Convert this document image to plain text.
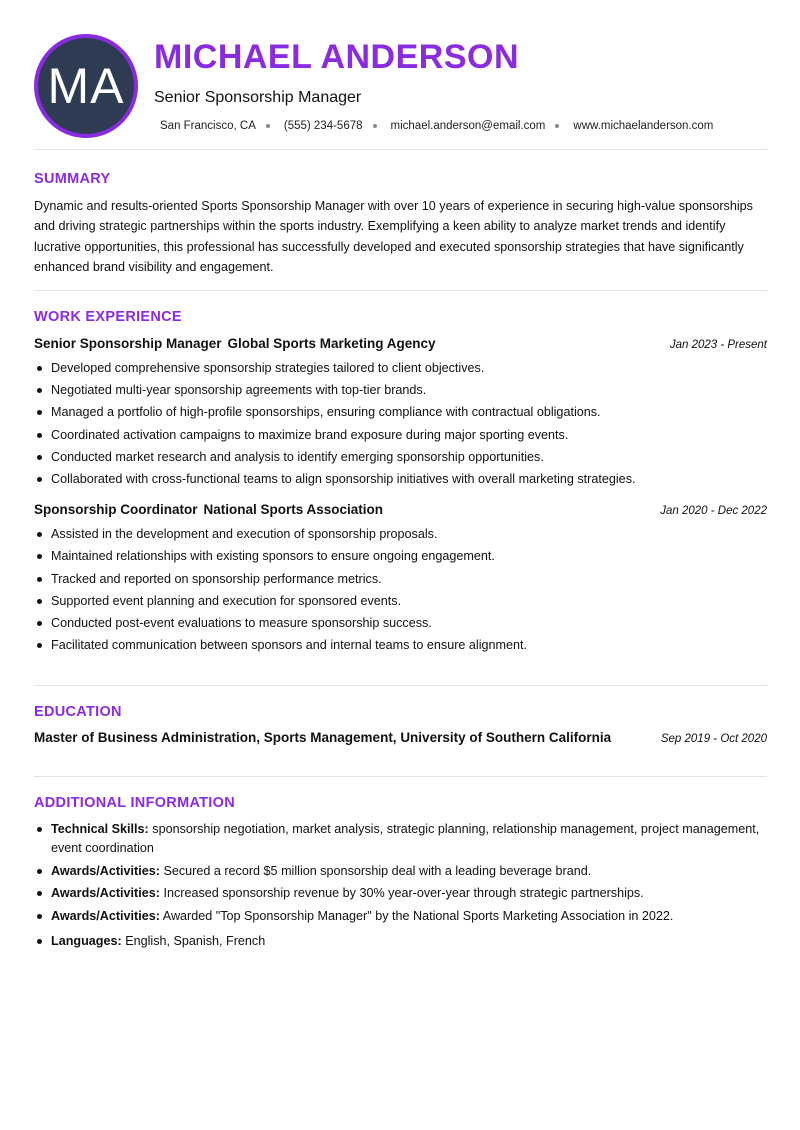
MA
MICHAEL ANDERSON
Senior Sponsorship Manager
San Francisco, CA (555) 234-5678 michael.anderson@email.com www.michaelanderson.com
SUMMARY

Dynamic and results-oriented Sports Sponsorship Manager with over 10 years of experience in securing high-value sponsorships and driving strategic partnerships within the sports industry. Exemplifying a keen ability to analyze market trends and identify lucrative opportunities, this professional has successfully developed and executed sponsorship strategies that have significantly enhanced brand visibility and engagement.

WORK EXPERIENCE
Senior Sponsorship Manager Global Sports Marketing Agency	Jan 2023 - Present
Developed comprehensive sponsorship strategies tailored to client objectives.
Negotiated multi-year sponsorship agreements with top-tier brands.
Managed a portfolio of high-profile sponsorships, ensuring compliance with contractual obligations.
Coordinated activation campaigns to maximize brand exposure during major sporting events.
Conducted market research and analysis to identify emerging sponsorship opportunities.
Collaborated with cross-functional teams to align sponsorship initiatives with overall marketing strategies.
Sponsorship Coordinator National Sports Association	Jan 2020 - Dec 2022
Assisted in the development and execution of sponsorship proposals.
Maintained relationships with existing sponsors to ensure ongoing engagement.
Tracked and reported on sponsorship performance metrics.
Supported event planning and execution for sponsored events.
Conducted post-event evaluations to measure sponsorship success.
Facilitated communication between sponsors and internal teams to ensure alignment.
EDUCATION
Master of Business Administration, Sports Management, University of Southern California	Sep 2019 - Oct 2020
ADDITIONAL INFORMATION
Technical Skills: sponsorship negotiation, market analysis, strategic planning, relationship management, project management, event coordination
Awards/Activities: Secured a record $5 million sponsorship deal with a leading beverage brand.
Awards/Activities: Increased sponsorship revenue by 30% year-over-year through strategic partnerships.
Awards/Activities: Awarded "Top Sponsorship Manager" by the National Sports Marketing Association in 2022.
Languages: English, Spanish, French
